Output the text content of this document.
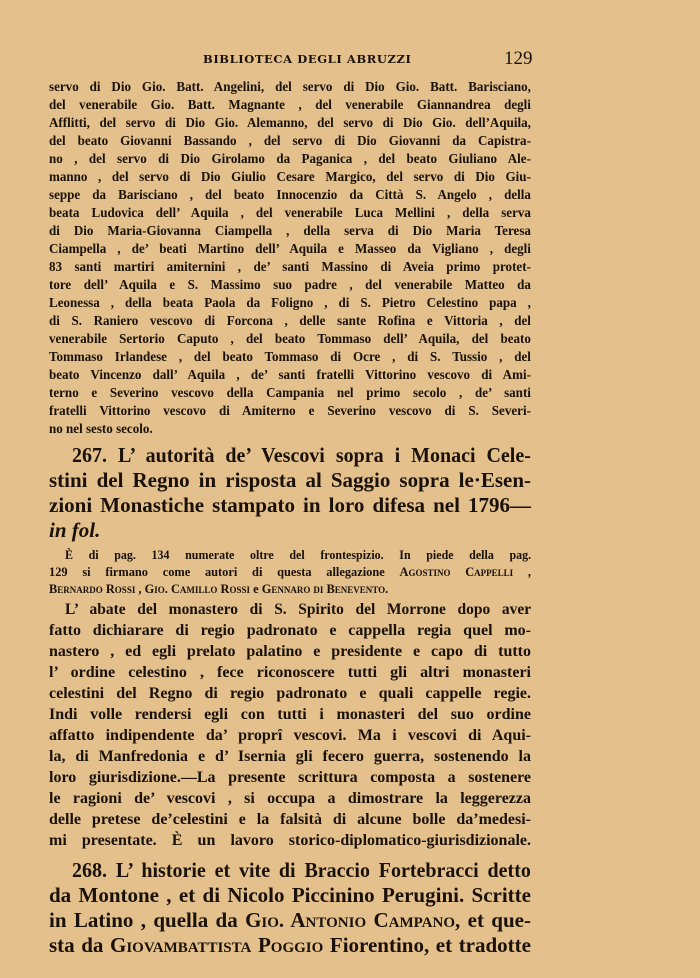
BIBLIOTECA DEGLI ABRUZZI	129
servo di Dio Gio. Batt. Angelini, del servo di Dio Gio. Batt. Barisciano,
del venerabile Gio. Batt. Magnante , del venerabile Giannandrea degli
Afflitti, del servo di Dio Gio. Alemanno, del servo di Dio Gio. dell’Aquila,
del beato Giovanni Bassando , del servo di Dio Giovanni da Capistra-
no , del servo di Dio Girolamo da Paganica , del beato Giuliano Ale-
manno , del servo di Dio Giulio Cesare Margico, del servo di Dio Giu-
seppe da Barisciano , del beato Innocenzio da Città S. Angelo , della
beata Ludovica dell’ Aquila , del venerabile Luca Mellini , della serva
di Dio Maria-Giovanna Ciampella , della serva di Dio Maria Teresa
Ciampella , de’ beati Martino dell’ Aquila e Masseo da Vigliano , degli
83 santi martiri amiternini , de’ santi Massino di Aveia primo protet-
tore dell’ Aquila e S. Massimo suo padre , del venerabile Matteo da
Leonessa , della beata Paola da Foligno , di S. Pietro Celestino papa ,
di S. Raniero vescovo di Forcona , delle sante Rofina e Vittoria , del
venerabile Sertorio Caputo , del beato Tommaso dell’ Aquila, del beato
Tommaso Irlandese , del beato Tommaso di Ocre , di S. Tussio , del
beato Vincenzo dall’ Aquila , de’ santi fratelli Vittorino vescovo di Ami-
terno e Severino vescovo della Campania nel primo secolo , de’ santi
fratelli Vittorino vescovo di Amiterno e Severino vescovo di S. Severi-
no nel sesto secolo.
267. L’ autorità de’ Vescovi sopra i Monaci Cele-
stini del Regno in risposta al Saggio sopra le·Esen-
zioni Monastiche stampato in loro difesa nel 1796—
in fol.
È di pag. 134 numerate oltre del frontespizio. In piede della pag.
129 si firmano come autori di questa allegazione Agostino Cappelli ,
Bernardo Rossi , Gio. Camillo Rossi e Gennaro di Benevento.
L’ abate del monastero di S. Spirito del Morrone dopo aver
fatto dichiarare di regio padronato e cappella regia quel mo-
nastero , ed egli prelato palatino e presidente e capo di tutto
l’ ordine celestino , fece riconoscere tutti gli altri monasteri
celestini del Regno di regio padronato e quali cappelle regie.
Indi volle rendersi egli con tutti i monasteri del suo ordine
affatto indipendente da’ proprî vescovi. Ma i vescovi di Aqui-
la, di Manfredonia e d’ Isernia gli fecero guerra, sostenendo la
loro giurisdizione.—La presente scrittura composta a sostenere
le ragioni de’ vescovi , si occupa a dimostrare la leggerezza
delle pretese de’celestini e la falsità di alcune bolle da’medesi-
mi presentate. È un lavoro storico-diplomatico-giurisdizionale.
268. L’ historie et vite di Braccio Fortebracci detto
da Montone , et di Nicolo Piccinino Perugini. Scritte
in Latino , quella da Gio. Antonio Campano, et que-
sta da Giovambattista Poggio Fiorentino, et tradotte
